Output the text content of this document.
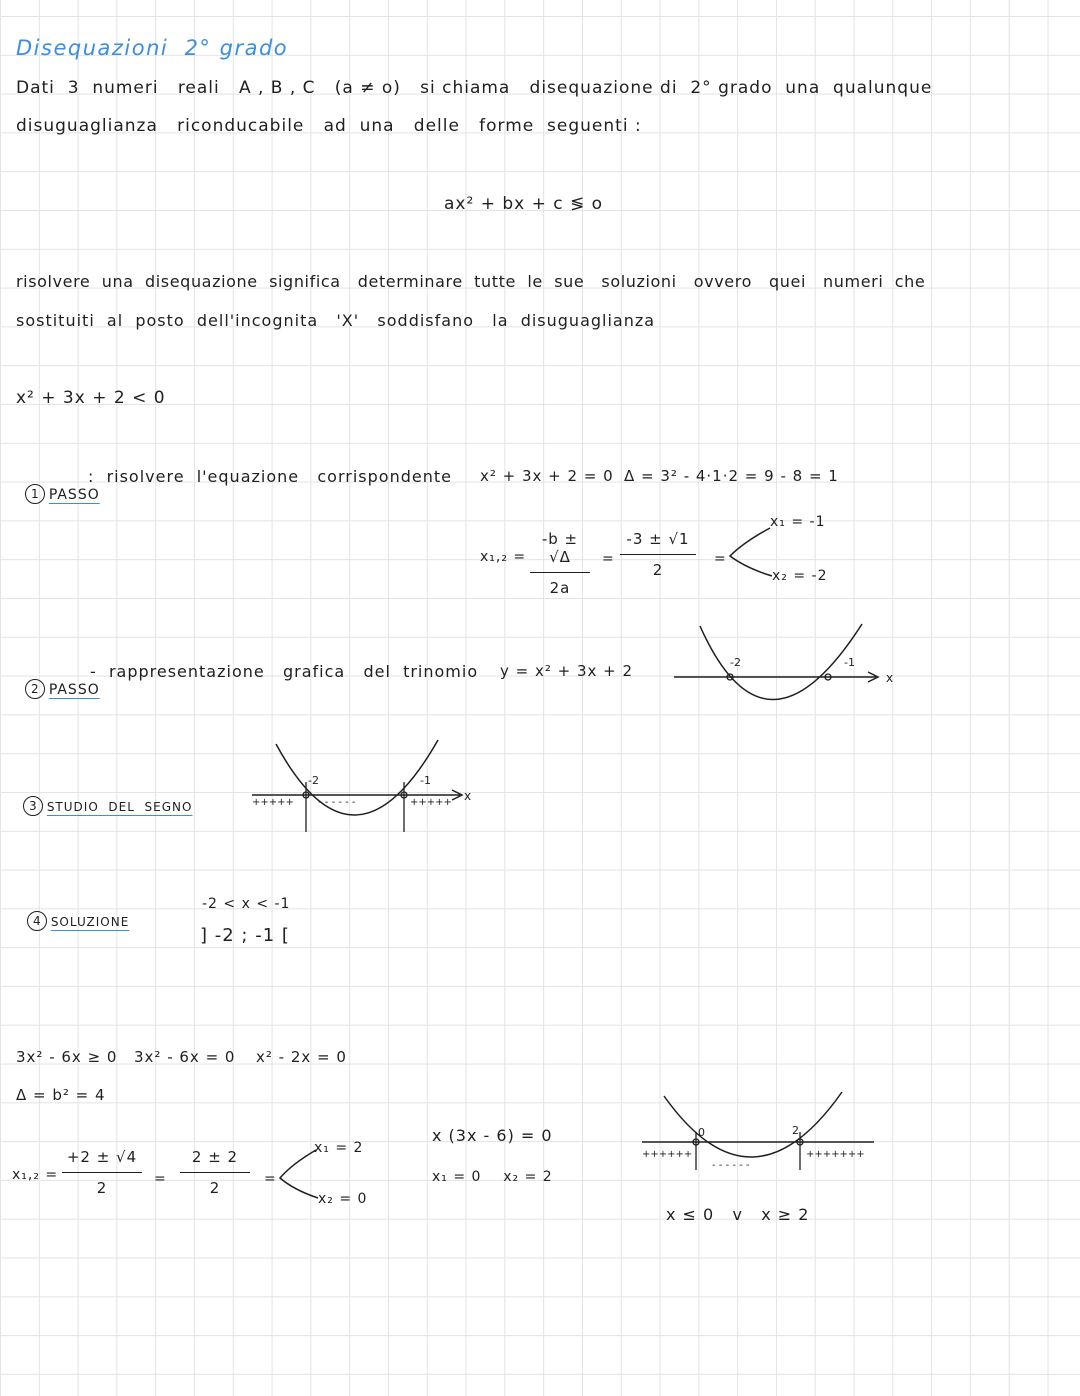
Disequazioni  2° grado
Dati  3  numeri   reali   A , B , C   (a ≠ o)   si chiama   disequazione di  2° grado  una  qualunque
disuguaglianza   riconducabile   ad  una   delle   forme  seguenti :
ax² + bx + c ≶ o
risolvere  una  disequazione  significa   determinare  tutte  le  sue   soluzioni   ovvero   quei   numeri  che
sostituiti  al  posto  dell'incognita   'X'   soddisfano   la  disuguaglianza
x² + 3x + 2 < 0

1 PASSO

:  risolvere  l'equazione   corrispondente x² + 3x + 2 = 0 Δ = 3² - 4·1·2 = 9 - 8 = 1
x₁,₂ =
-b ± √Δ
2a
=
-3 ± √1
2
=
x₁ = -1
x₂ = -2

2 PASSO

-  rappresentazione   grafica   del  trinomio y = x² + 3x + 2	-2	-1
x

3 STUDIO  DEL  SEGNO

-2	-1
x
+++++ - - - - - -	+++++

4 SOLUZIONE

-2 < x < -1
] -2 ; -1 [
3x² - 6x ≥ 0 3x² - 6x = 0 x² - 2x = 0
Δ = b² = 4
x₁,₂ =
+2 ± √4
2
=
2 ± 2
2
=
x₁ = 2
x₂ = 0
x (3x - 6) = 0
x₁ = 0    x₂ = 2
0	2
++++++
- - - - - -
+++++++
x ≤ 0   v   x ≥ 2
